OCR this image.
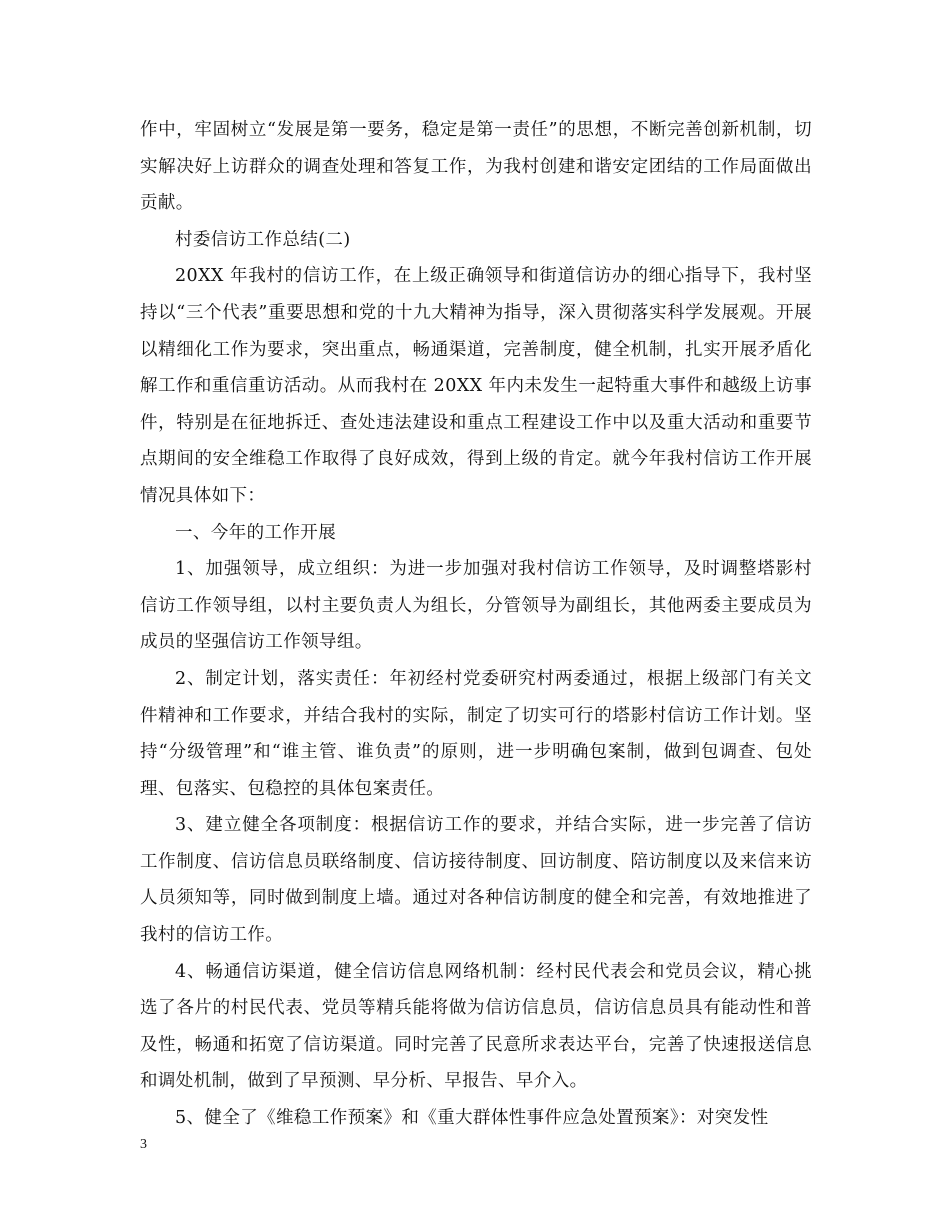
作中，牢固树立“发展是第一要务，稳定是第一责任”的思想，不断完善创新机制，切实解决好上访群众的调查处理和答复工作，为我村创建和谐安定团结的工作局面做出贡献。

村委信访工作总结(二)

20XX 年我村的信访工作，在上级正确领导和街道信访办的细心指导下，我村坚持以“三个代表”重要思想和党的十九大精神为指导，深入贯彻落实科学发展观。开展以精细化工作为要求，突出重点，畅通渠道，完善制度，健全机制，扎实开展矛盾化解工作和重信重访活动。从而我村在 20XX 年内未发生一起特重大事件和越级上访事件，特别是在征地拆迁、查处违法建设和重点工程建设工作中以及重大活动和重要节点期间的安全维稳工作取得了良好成效，得到上级的肯定。就今年我村信访工作开展情况具体如下：

一、今年的工作开展

1、加强领导，成立组织：为进一步加强对我村信访工作领导，及时调整塔影村信访工作领导组，以村主要负责人为组长，分管领导为副组长，其他两委主要成员为成员的坚强信访工作领导组。

2、制定计划，落实责任：年初经村党委研究村两委通过，根据上级部门有关文件精神和工作要求，并结合我村的实际，制定了切实可行的塔影村信访工作计划。坚持“分级管理”和“谁主管、谁负责”的原则，进一步明确包案制，做到包调查、包处理、包落实、包稳控的具体包案责任。

3、建立健全各项制度：根据信访工作的要求，并结合实际，进一步完善了信访工作制度、信访信息员联络制度、信访接待制度、回访制度、陪访制度以及来信来访人员须知等，同时做到制度上墙。通过对各种信访制度的健全和完善，有效地推进了我村的信访工作。

4、畅通信访渠道，健全信访信息网络机制：经村民代表会和党员会议，精心挑选了各片的村民代表、党员等精兵能将做为信访信息员，信访信息员具有能动性和普及性，畅通和拓宽了信访渠道。同时完善了民意所求表达平台，完善了快速报送信息和调处机制，做到了早预测、早分析、早报告、早介入。

5、健全了《维稳工作预案》和《重大群体性事件应急处置预案》：对突发性

3
